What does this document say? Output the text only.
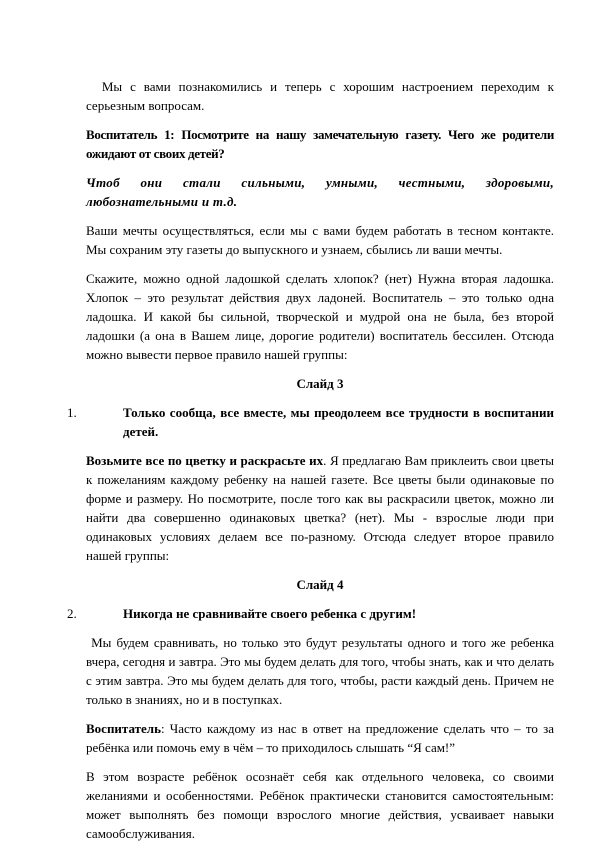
Мы с вами познакомились и теперь с хорошим настроением переходим к серьезным вопросам.

Воспитатель 1: Посмотрите на нашу замечательную газету. Чего же родители ожидают от своих детей?

Чтоб они стали сильными, умными, честными, здоровыми, любознательными и т.д.

Ваши мечты осуществляться, если мы с вами будем работать в тесном контакте. Мы сохраним эту газеты до выпускного и узнаем, сбылись ли ваши мечты.

Скажите, можно одной ладошкой сделать хлопок? (нет) Нужна вторая ладошка. Хлопок – это результат действия двух ладоней. Воспитатель – это только одна ладошка. И какой бы сильной, творческой и мудрой она не была, без второй ладошки (а она в Вашем лице, дорогие родители) воспитатель бессилен. Отсюда можно вывести первое правило нашей группы:

Слайд 3

1.	Только сообща, все вместе, мы преодолеем все трудности в воспитании детей.

Возьмите все по цветку и раскрасьте их. Я предлагаю Вам приклеить свои цветы к пожеланиям каждому ребенку на нашей газете. Все цветы были одинаковые по форме и размеру. Но посмотрите, после того как вы раскрасили цветок, можно ли найти два совершенно одинаковых цветка? (нет). Мы - взрослые люди при одинаковых условиях делаем все по-разному. Отсюда следует второе правило нашей группы:

Слайд 4

2.	Никогда не сравнивайте своего ребенка с другим!

Мы будем сравнивать, но только это будут результаты одного и того же ребенка вчера, сегодня и завтра. Это мы будем делать для того, чтобы знать, как и что делать с этим завтра. Это мы будем делать для того, чтобы, расти каждый день. Причем не только в знаниях, но и в поступках.

Воспитатель: Часто каждому из нас в ответ на предложение сделать что – то за ребёнка или помочь ему в чём – то приходилось слышать “Я сам!”

В этом возрасте ребёнок осознаёт себя как отдельного человека, со своими желаниями и особенностями. Ребёнок практически становится самостоятельным: может выполнять без помощи взрослого многие действия, усваивает навыки самообслуживания.
